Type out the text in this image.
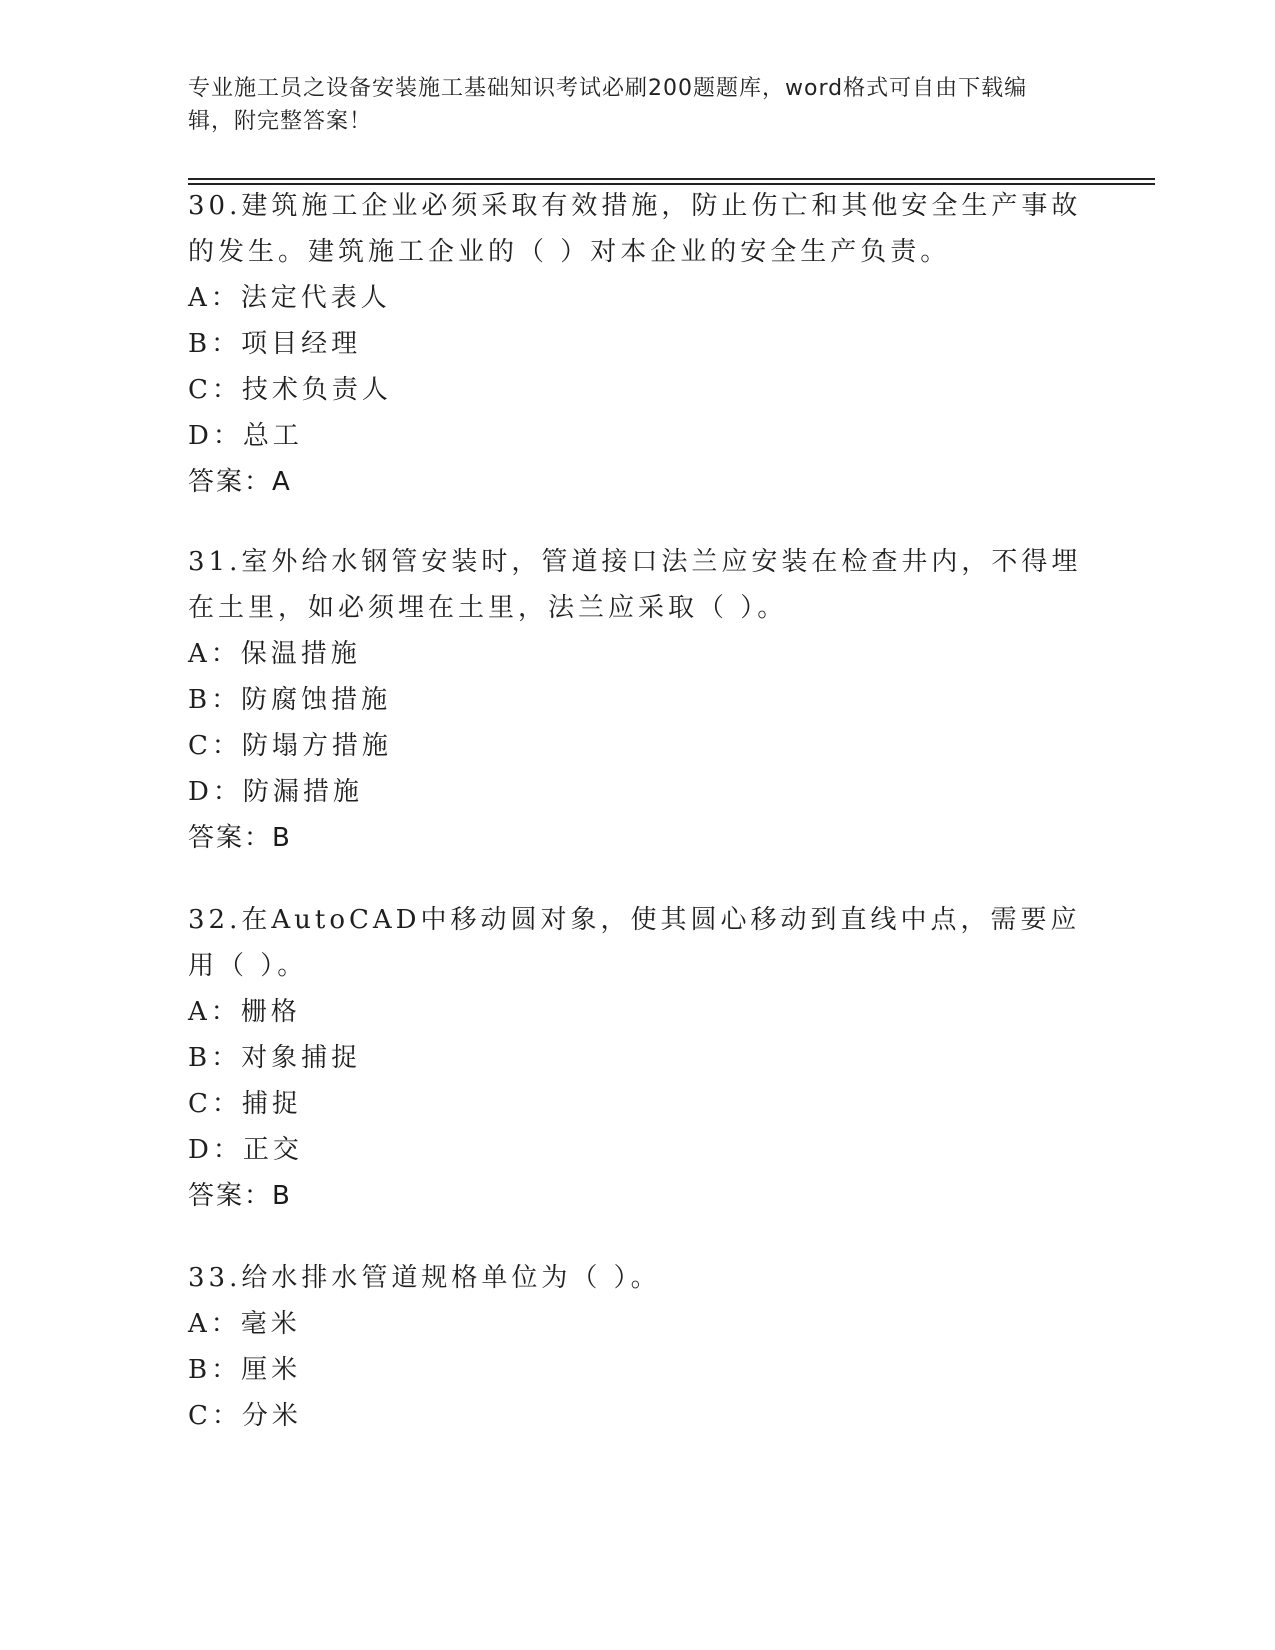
专业施工员之设备安装施工基础知识考试必刷200题题库，word格式可自由下载编辑，附完整答案！
30.建筑施工企业必须采取有效措施，防止伤亡和其他安全生产事故的发生。建筑施工企业的（ ）对本企业的安全生产负责。
A：法定代表人
B：项目经理
C：技术负责人
D：总工
答案：A
31.室外给水钢管安装时，管道接口法兰应安装在检查井内，不得埋在土里，如必须埋在土里，法兰应采取（ ）。
A：保温措施
B：防腐蚀措施
C：防塌方措施
D：防漏措施
答案：B
32.在AutoCAD中移动圆对象，使其圆心移动到直线中点，需要应用（ ）。
A：栅格
B：对象捕捉
C：捕捉
D：正交
答案：B
33.给水排水管道规格单位为（ ）。
A：毫米
B：厘米
C：分米
